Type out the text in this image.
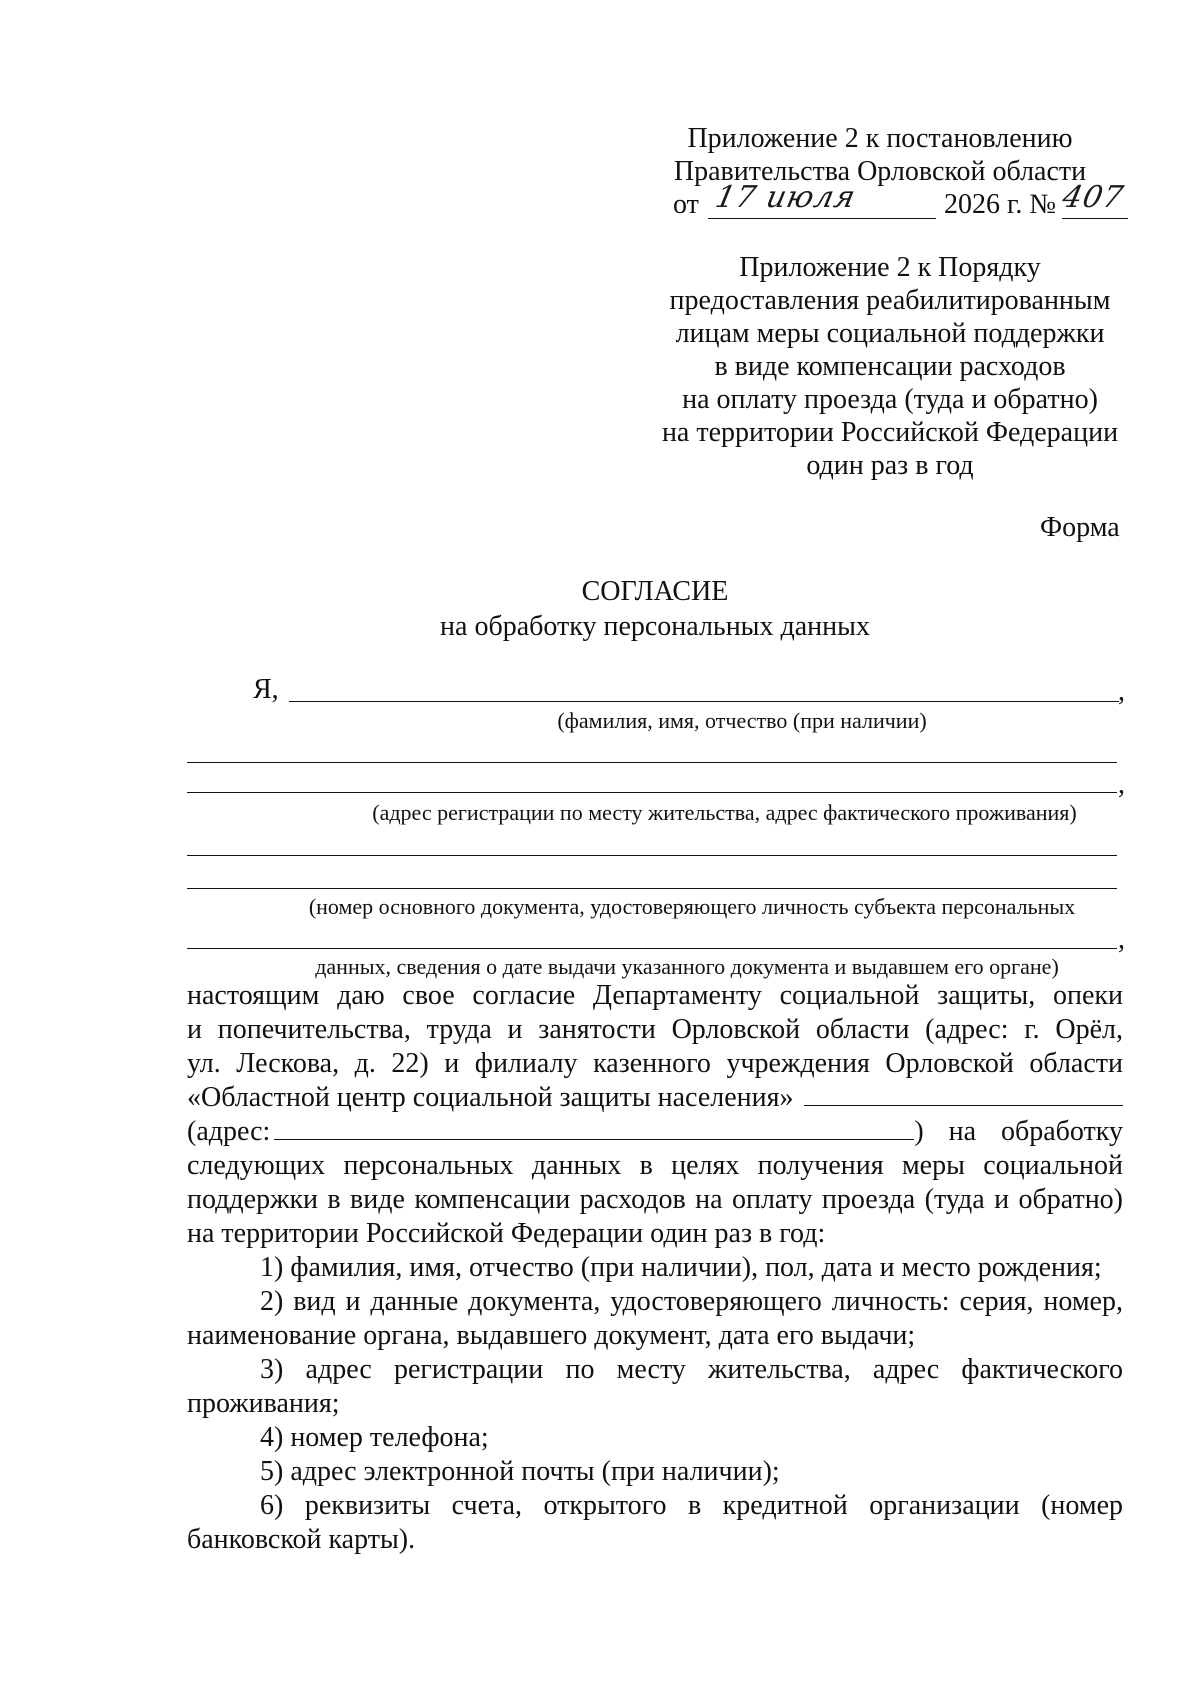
Приложение 2 к постановлению
Правительства Орловской области
от 17 июля	2026 г. № 407
Приложение 2 к Порядку
предоставления реабилитированным
лицам меры социальной поддержки
в виде компенсации расходов
на оплату проезда (туда и обратно)
на территории Российской Федерации
один раз в год
Форма
СОГЛАСИЕ
на обработку персональных данных
Я,	,
(фамилия, имя, отчество (при наличии)
,
(адрес регистрации по месту жительства, адрес фактического проживания)
(номер основного документа, удостоверяющего личность субъекта персональных
,
данных, сведения о дате выдачи указанного документа и выдавшем его органе)
настоящим даю свое согласие Департаменту социальной защиты, опеки
и попечительства, труда и занятости Орловской области (адрес: г. Орёл,
ул. Лескова, д. 22) и филиалу казенного учреждения Орловской области
«Областной центр социальной защиты населения»
(адрес:	) на обработку
следующих персональных данных в целях получения меры социальной
поддержки в виде компенсации расходов на оплату проезда (туда и обратно)
на территории Российской Федерации один раз в год:
1) фамилия, имя, отчество (при наличии), пол, дата и место рождения;
2) вид и данные документа, удостоверяющего личность: серия, номер,
наименование органа, выдавшего документ, дата его выдачи;
3) адрес регистрации по месту жительства, адрес фактического
проживания;
4) номер телефона;
5) адрес электронной почты (при наличии);
6) реквизиты счета, открытого в кредитной организации (номер
банковской карты).
